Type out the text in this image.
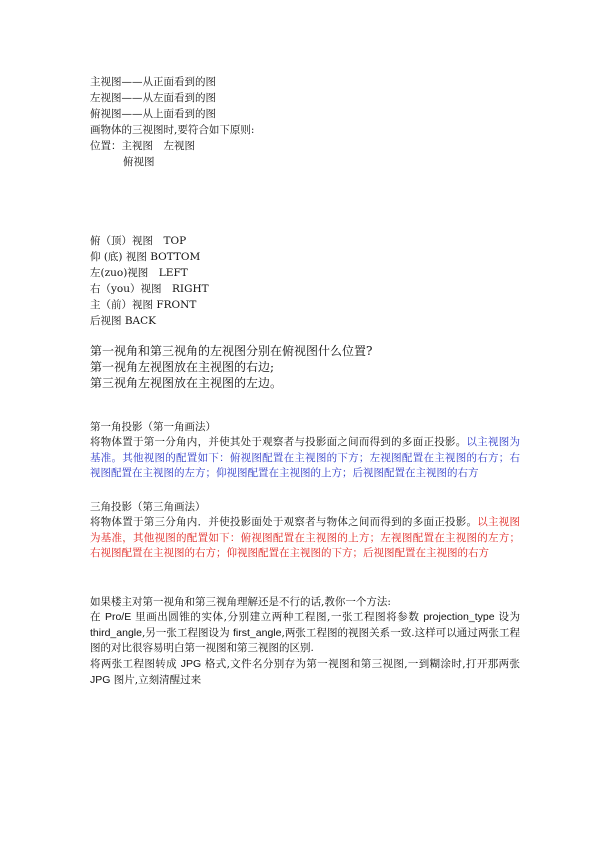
主视图——从正面看到的图
左视图——从左面看到的图
俯视图——从上面看到的图
画物体的三视图时,要符合如下原则:
位置：主视图　左视图
俯视图
俯（顶）视图　TOP
仰 (底) 视图 BOTTOM
左(zuo)视图　LEFT
右（you）视图　RIGHT
主（前）视图 FRONT
后视图 BACK
第一视角和第三视角的左视图分别在俯视图什么位置?
第一视角左视图放在主视图的右边;
第三视角左视图放在主视图的左边。
第一角投影（第一角画法）
将物体置于第一分角内，并使其处于观察者与投影面之间而得到的多面正投影。以主视图为基准。其他视图的配置如下：俯视图配置在主视图的下方；左视图配置在主视图的右方；右视图配置在主视图的左方；仰视图配置在主视图的上方；后视图配置在主视图的右方
三角投影（第三角画法）
将物体置于第三分角内．并使投影面处于观察者与物体之间而得到的多面正投影。以主视图为基准，其他视图的配置如下：俯视图配置在主视图的上方；左视图配置在主视图的左方；右视图配置在主视图的右方；仰视图配置在主视图的下方；后视图配置在主视图的右方
如果楼主对第一视角和第三视角理解还是不行的话,教你一个方法:
在 Pro/E 里画出圆锥的实体,分别建立两种工程图,一张工程图将参数 projection_type 设为 third_angle,另一张工程图设为 first_angle,两张工程图的视图关系一致.这样可以通过两张工程图的对比很容易明白第一视图和第三视图的区别.
将两张工程图转成 JPG 格式,文件名分别存为第一视图和第三视图,一到糊涂时,打开那两张 JPG 图片,立刻清醒过来
